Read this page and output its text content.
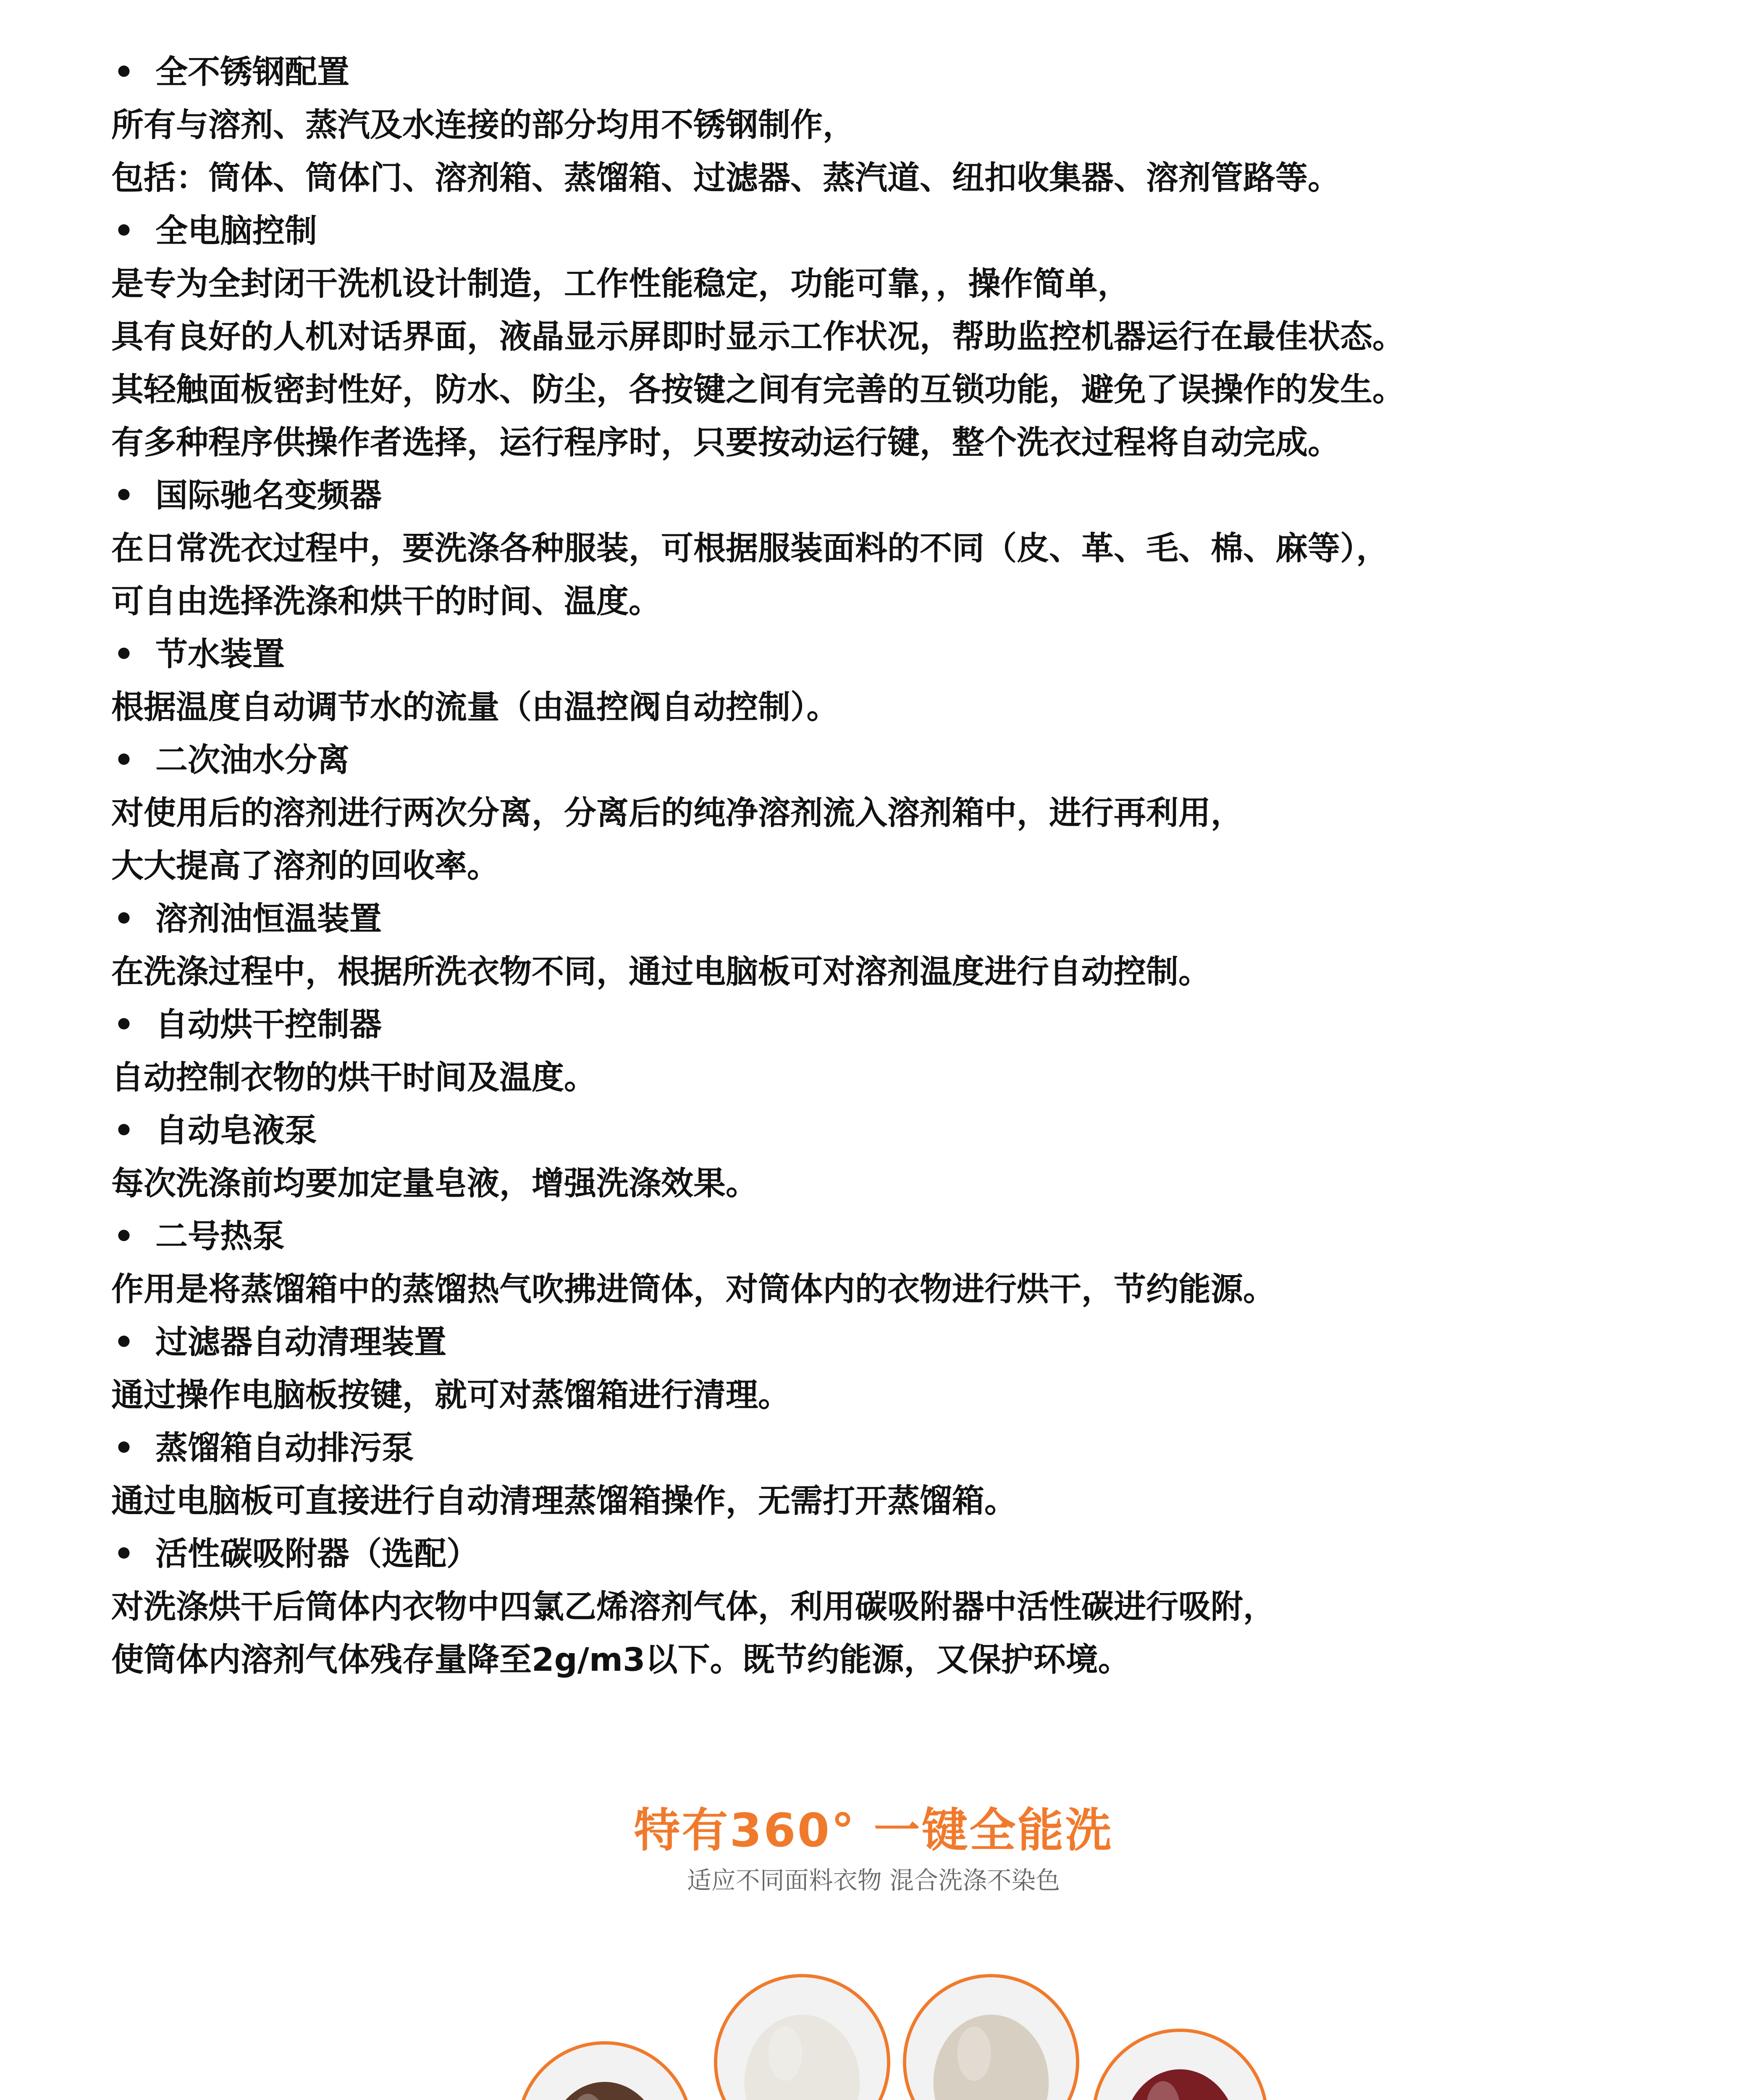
• 全不锈钢配置

所有与溶剂、蒸汽及水连接的部分均用不锈钢制作，

包括：筒体、筒体门、溶剂箱、蒸馏箱、过滤器、蒸汽道、纽扣收集器、溶剂管路等。

• 全电脑控制

是专为全封闭干洗机设计制造，工作性能稳定，功能可靠，，操作简单，

具有良好的人机对话界面，液晶显示屏即时显示工作状况，帮助监控机器运行在最佳状态。

其轻触面板密封性好，防水、防尘，各按键之间有完善的互锁功能，避免了误操作的发生。

有多种程序供操作者选择，运行程序时，只要按动运行键，整个洗衣过程将自动完成。

• 国际驰名变频器

在日常洗衣过程中，要洗涤各种服装，可根据服装面料的不同（皮、革、毛、棉、麻等），

可自由选择洗涤和烘干的时间、温度。

• 节水装置

根据温度自动调节水的流量（由温控阀自动控制）。

• 二次油水分离

对使用后的溶剂进行两次分离，分离后的纯净溶剂流入溶剂箱中，进行再利用，

大大提高了溶剂的回收率。

• 溶剂油恒温装置

在洗涤过程中，根据所洗衣物不同，通过电脑板可对溶剂温度进行自动控制。

• 自动烘干控制器

自动控制衣物的烘干时间及温度。

• 自动皂液泵

每次洗涤前均要加定量皂液，增强洗涤效果。

• 二号热泵

作用是将蒸馏箱中的蒸馏热气吹拂进筒体，对筒体内的衣物进行烘干，节约能源。

• 过滤器自动清理装置

通过操作电脑板按键，就可对蒸馏箱进行清理。

• 蒸馏箱自动排污泵

通过电脑板可直接进行自动清理蒸馏箱操作，无需打开蒸馏箱。

• 活性碳吸附器（选配）

对洗涤烘干后筒体内衣物中四氯乙烯溶剂气体，利用碳吸附器中活性碳进行吸附，

使筒体内溶剂气体残存量降至2g/m3以下。既节约能源，又保护环境。

特有360° 一键全能洗
适应不同面料衣物 混合洗涤不染色
